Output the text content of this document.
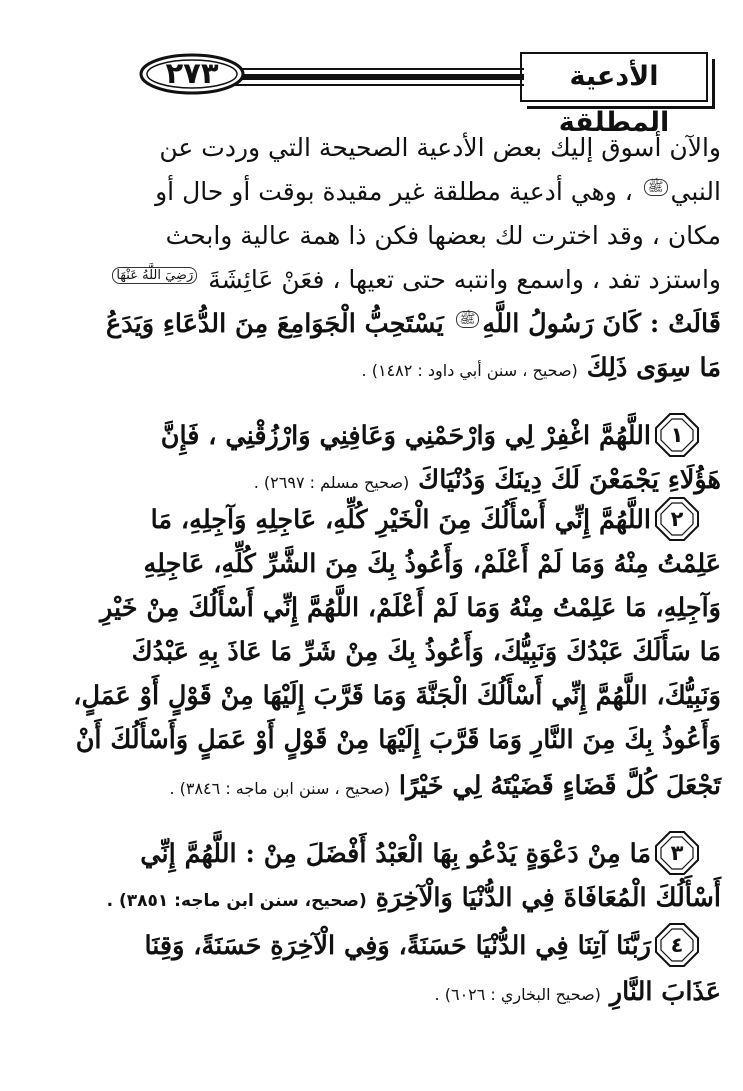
٢٧٣	الأدعية المطلقة
والآن أسوق إليك بعض الأدعية الصحيحة التي وردت عن
النبيﷺ ، وهي أدعية مطلقة غير مقيدة بوقت أو حال أو
مكان ، وقد اخترت لك بعضها فكن ذا همة عالية وابحث
واستزد تفد ، واسمع وانتبه حتى تعيها ، فعَنْ عَائِشَةَ رَضِيَ اللَّهُ عَنْهَا
قَالَتْ : كَانَ رَسُولُ اللَّهِﷺ يَسْتَحِبُّ الْجَوَامِعَ مِنَ الدُّعَاءِ وَيَدَعُ
مَا سِوَى ذَلِكَ (صحيح ، سنن أبي داود : ١٤٨٢) .
١
اللَّهُمَّ اغْفِرْ لِي وَارْحَمْنِي وَعَافِنِي وَارْزُقْنِي ، فَإِنَّ
هَؤُلَاءِ يَجْمَعْنَ لَكَ دِينَكَ وَدُنْيَاكَ (صحيح مسلم : ٢٦٩٧) .
٢
اللَّهُمَّ إِنِّي أَسْأَلُكَ مِنَ الْخَيْرِ كُلِّهِ، عَاجِلِهِ وَآجِلِهِ، مَا
عَلِمْتُ مِنْهُ وَمَا لَمْ أَعْلَمْ، وَأَعُوذُ بِكَ مِنَ الشَّرِّ كُلِّهِ، عَاجِلِهِ
وَآجِلِهِ، مَا عَلِمْتُ مِنْهُ وَمَا لَمْ أَعْلَمْ، اللَّهُمَّ إِنِّي أَسْأَلُكَ مِنْ خَيْرِ
مَا سَأَلَكَ عَبْدُكَ وَنَبِيُّكَ، وَأَعُوذُ بِكَ مِنْ شَرِّ مَا عَاذَ بِهِ عَبْدُكَ
وَنَبِيُّكَ، اللَّهُمَّ إِنِّي أَسْأَلُكَ الْجَنَّةَ وَمَا قَرَّبَ إِلَيْهَا مِنْ قَوْلٍ أَوْ عَمَلٍ،
وَأَعُوذُ بِكَ مِنَ النَّارِ وَمَا قَرَّبَ إِلَيْهَا مِنْ قَوْلٍ أَوْ عَمَلٍ وَأَسْأَلُكَ أَنْ
تَجْعَلَ كُلَّ قَضَاءٍ قَضَيْتَهُ لِي خَيْرًا (صحيح ، سنن ابن ماجه : ٣٨٤٦) .
٣
مَا مِنْ دَعْوَةٍ يَدْعُو بِهَا الْعَبْدُ أَفْضَلَ مِنْ : اللَّهُمَّ إِنِّي
أَسْأَلُكَ الْمُعَافَاةَ فِي الدُّنْيَا وَالْآخِرَةِ (صحيح، سنن ابن ماجه: ٣٨٥١) .
٤
رَبَّنَا آتِنَا فِي الدُّنْيَا حَسَنَةً، وَفِي الْآخِرَةِ حَسَنَةً، وَقِنَا
عَذَابَ النَّارِ (صحيح البخاري : ٦٠٢٦) .
